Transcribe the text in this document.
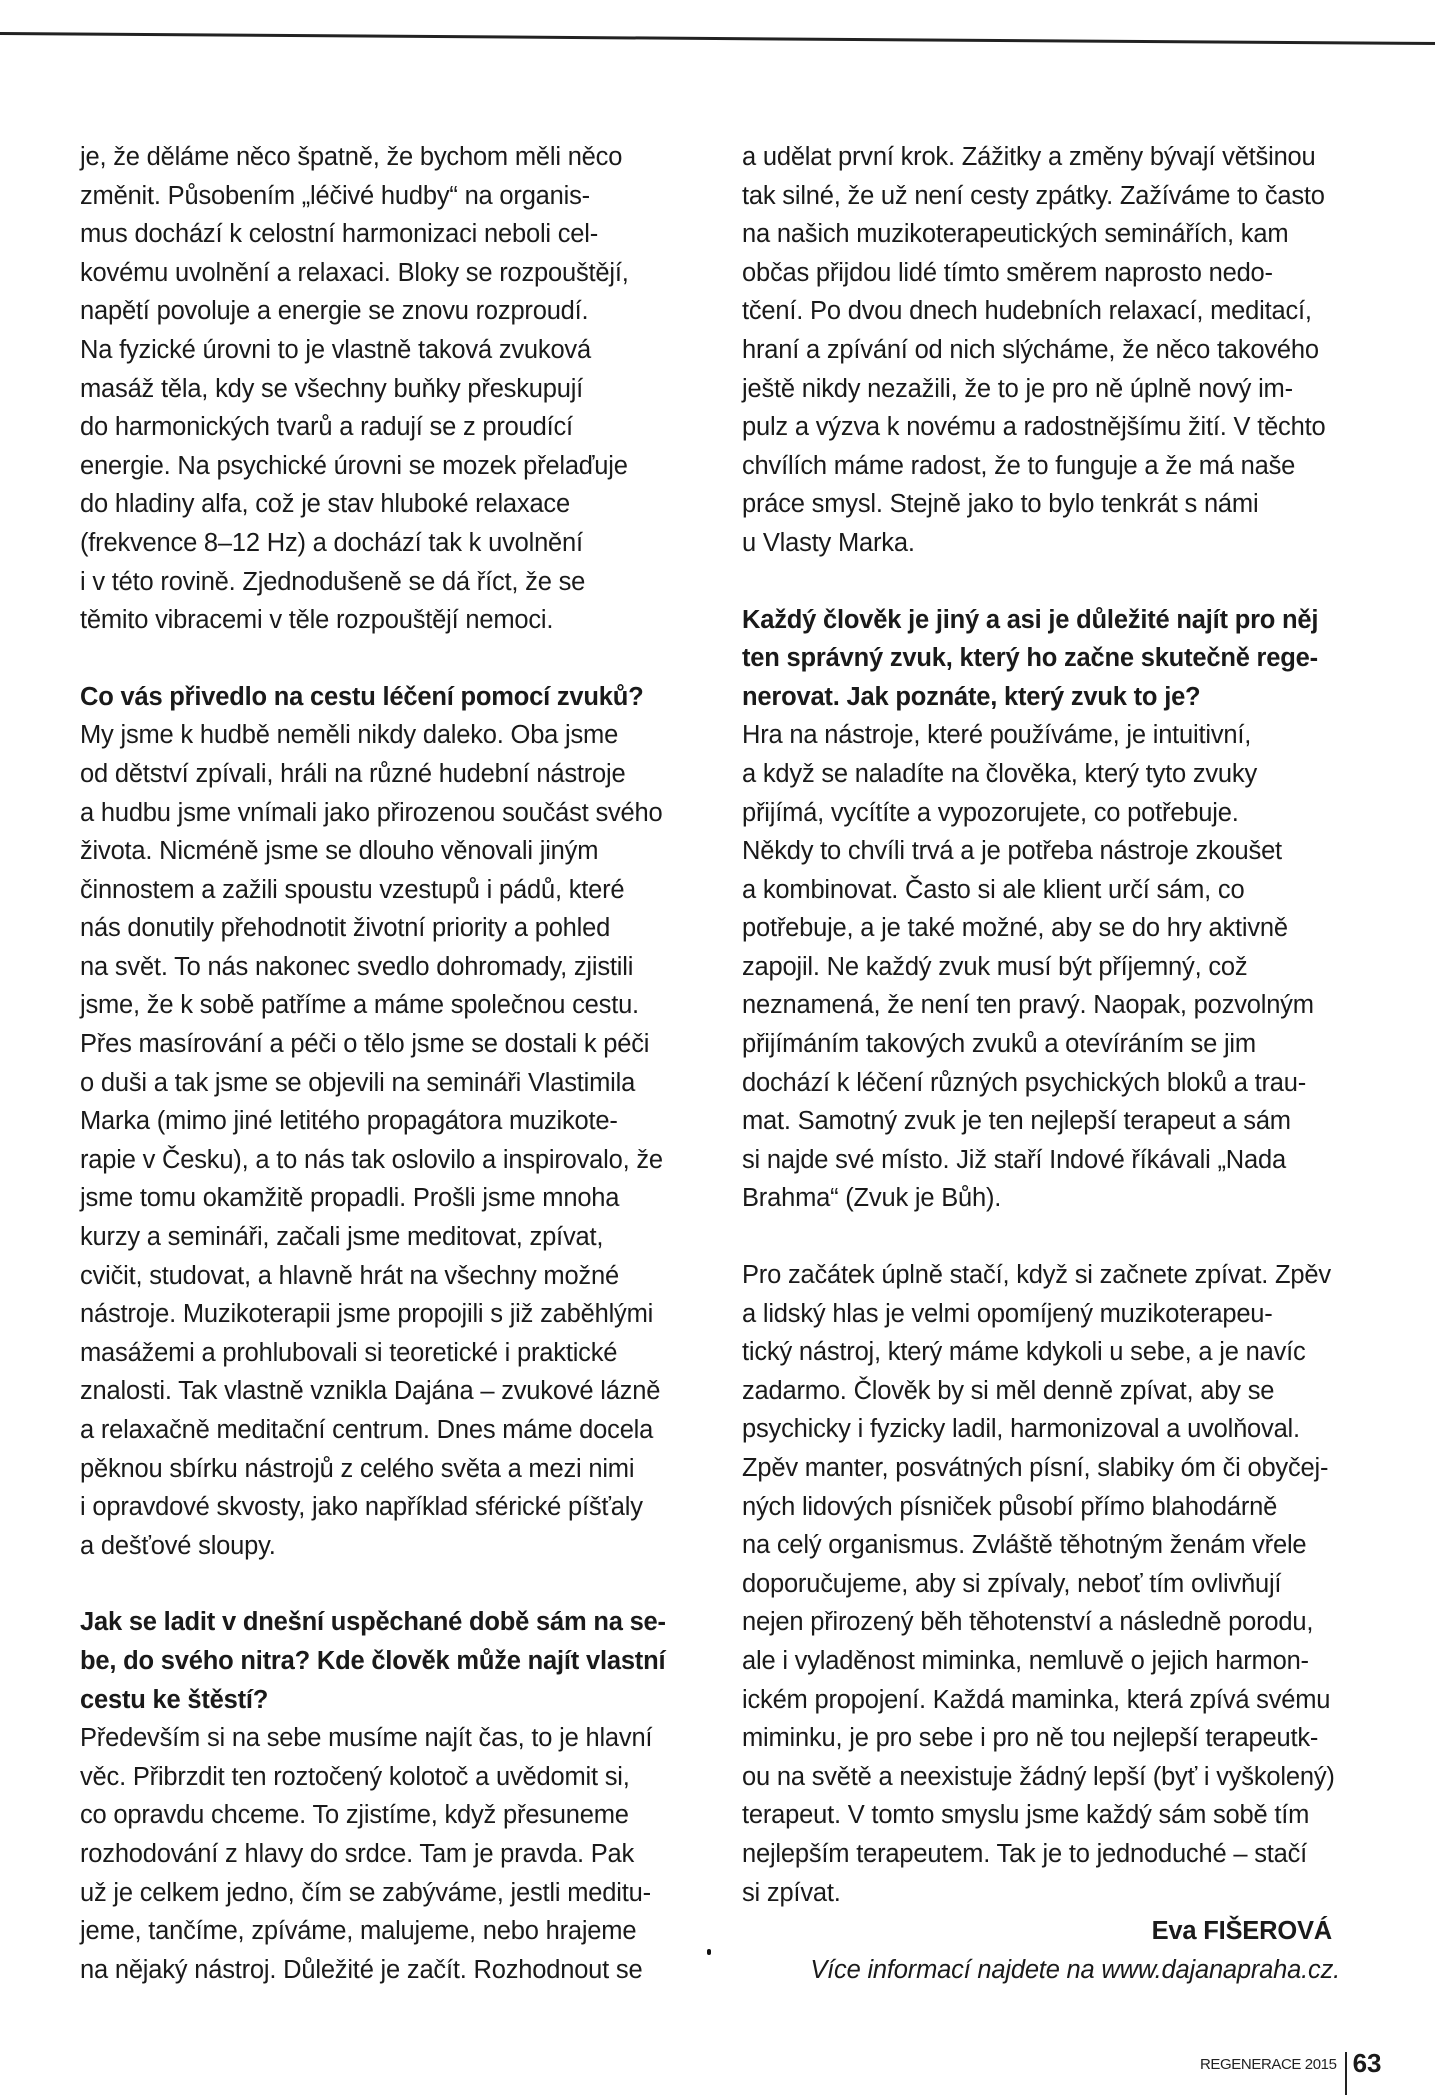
je, že děláme něco špatně, že bychom měli něco
změnit. Působením „léčivé hudby“ na organis-
mus dochází k celostní harmonizaci neboli cel-
kovému uvolnění a relaxaci. Bloky se rozpouštějí,
napětí povoluje a energie se znovu rozproudí.
Na fyzické úrovni to je vlastně taková zvuková
masáž těla, kdy se všechny buňky přeskupují
do harmonických tvarů a radují se z proudící
energie. Na psychické úrovni se mozek přelaďuje
do hladiny alfa, což je stav hluboké relaxace
(frekvence 8–12 Hz) a dochází tak k uvolnění
i v této rovině. Zjednodušeně se dá říct, že se
těmito vibracemi v těle rozpouštějí nemoci.
Co vás přivedlo na cestu léčení pomocí zvuků?
My jsme k hudbě neměli nikdy daleko. Oba jsme
od dětství zpívali, hráli na různé hudební nástroje
a hudbu jsme vnímali jako přirozenou součást svého
života. Nicméně jsme se dlouho věnovali jiným
činnostem a zažili spoustu vzestupů i pádů, které
nás donutily přehodnotit životní priority a pohled
na svět. To nás nakonec svedlo dohromady, zjistili
jsme, že k sobě patříme a máme společnou cestu.
Přes masírování a péči o tělo jsme se dostali k péči
o duši a tak jsme se objevili na semináři Vlastimila
Marka (mimo jiné letitého propagátora muzikote-
rapie v Česku), a to nás tak oslovilo a inspirovalo, že
jsme tomu okamžitě propadli. Prošli jsme mnoha
kurzy a semináři, začali jsme meditovat, zpívat,
cvičit, studovat, a hlavně hrát na všechny možné
nástroje. Muzikoterapii jsme propojili s již zaběhlými
masážemi a prohlubovali si teoretické i praktické
znalosti. Tak vlastně vznikla Dajána – zvukové lázně
a relaxačně meditační centrum. Dnes máme docela
pěknou sbírku nástrojů z celého světa a mezi nimi
i opravdové skvosty, jako například sférické píšťaly
a dešťové sloupy.
Jak se ladit v dnešní uspěchané době sám na se-
be, do svého nitra? Kde člověk může najít vlastní
cestu ke štěstí?
Především si na sebe musíme najít čas, to je hlavní
věc. Přibrzdit ten roztočený kolotoč a uvědomit si,
co opravdu chceme. To zjistíme, když přesuneme
rozhodování z hlavy do srdce. Tam je pravda. Pak
už je celkem jedno, čím se zabýváme, jestli meditu-
jeme, tančíme, zpíváme, malujeme, nebo hrajeme
na nějaký nástroj. Důležité je začít. Rozhodnout se
a udělat první krok. Zážitky a změny bývají většinou
tak silné, že už není cesty zpátky. Zažíváme to často
na našich muzikoterapeutických seminářích, kam
občas přijdou lidé tímto směrem naprosto nedo-
tčení. Po dvou dnech hudebních relaxací, meditací,
hraní a zpívání od nich slýcháme, že něco takového
ještě nikdy nezažili, že to je pro ně úplně nový im-
pulz a výzva k novému a radostnějšímu žití. V těchto
chvílích máme radost, že to funguje a že má naše
práce smysl. Stejně jako to bylo tenkrát s námi
u Vlasty Marka.
Každý člověk je jiný a asi je důležité najít pro něj
ten správný zvuk, který ho začne skutečně rege-
nerovat. Jak poznáte, který zvuk to je?
Hra na nástroje, které používáme, je intuitivní,
a když se naladíte na člověka, který tyto zvuky
přijímá, vycítíte a vypozorujete, co potřebuje.
Někdy to chvíli trvá a je potřeba nástroje zkoušet
a kombinovat. Často si ale klient určí sám, co
potřebuje, a je také možné, aby se do hry aktivně
zapojil. Ne každý zvuk musí být příjemný, což
neznamená, že není ten pravý. Naopak, pozvolným
přijímáním takových zvuků a otevíráním se jim
dochází k léčení různých psychických bloků a trau-
mat. Samotný zvuk je ten nejlepší terapeut a sám
si najde své místo. Již staří Indové říkávali „Nada
Brahma“ (Zvuk je Bůh).
Pro začátek úplně stačí, když si začnete zpívat. Zpěv
a lidský hlas je velmi opomíjený muzikoterapeu-
tický nástroj, který máme kdykoli u sebe, a je navíc
zadarmo. Člověk by si měl denně zpívat, aby se
psychicky i fyzicky ladil, harmonizoval a uvolňoval.
Zpěv manter, posvátných písní, slabiky óm či obyčej-
ných lidových písniček působí přímo blahodárně
na celý organismus. Zvláště těhotným ženám vřele
doporučujeme, aby si zpívaly, neboť tím ovlivňují
nejen přirozený běh těhotenství a následně porodu,
ale i vyladěnost miminka, nemluvě o jejich harmon-
ickém propojení. Každá maminka, která zpívá svému
miminku, je pro sebe i pro ně tou nejlepší terapeutk-
ou na světě a neexistuje žádný lepší (byť i vyškolený)
terapeut. V tomto smyslu jsme každý sám sobě tím
nejlepším terapeutem. Tak je to jednoduché – stačí
si zpívat.
Eva FIŠEROVÁ
Více informací najdete na www.dajanapraha.cz.
REGENERACE 2015 63
